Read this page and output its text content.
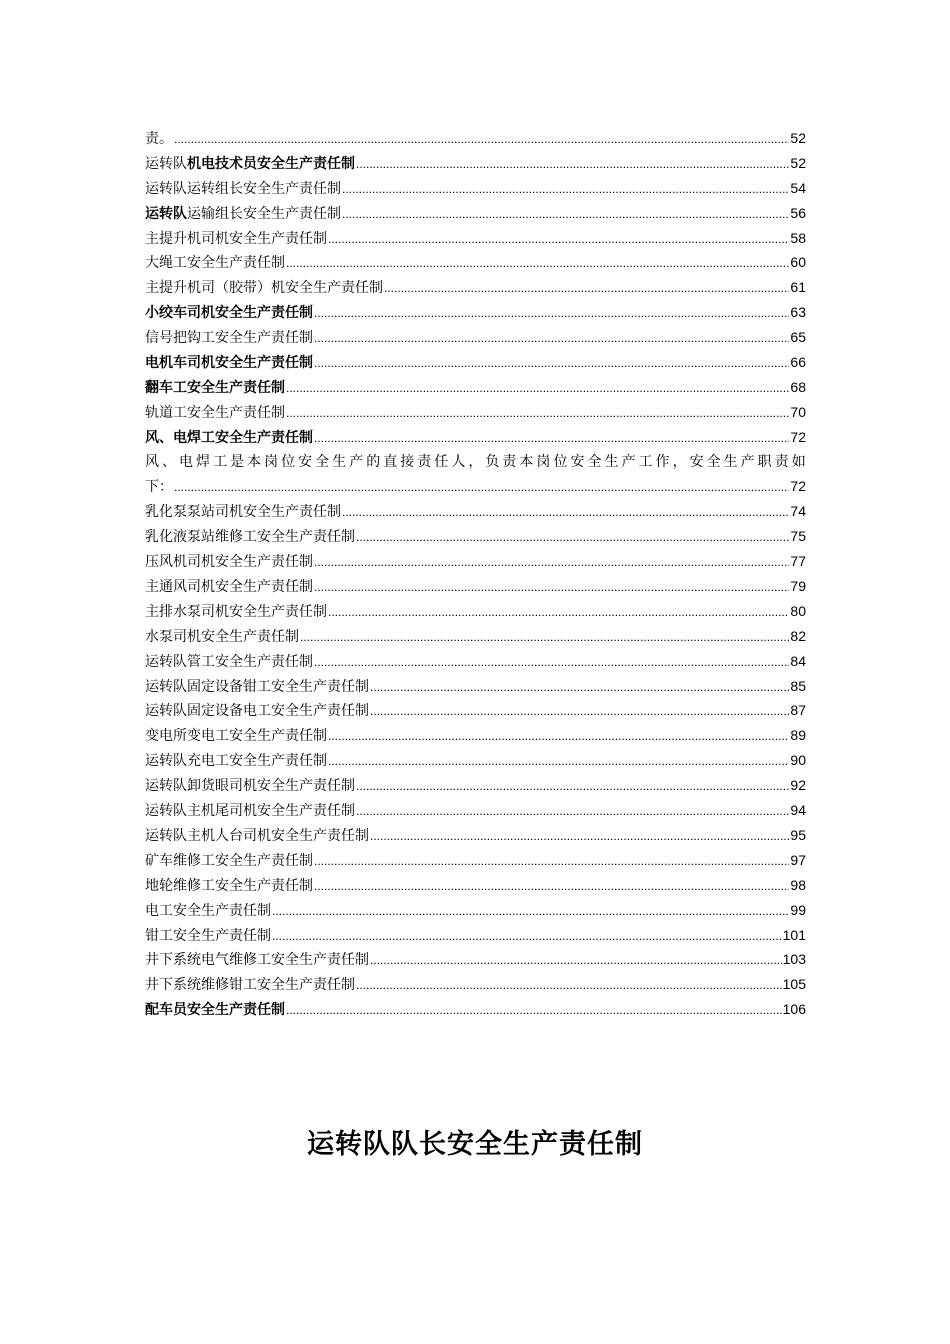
责。 .....	52
运转队机电技术员安全生产责任制 .....	52
运转队运转组长安全生产责任制 .....	54
运转队运输组长安全生产责任制 .....	56
主提升机司机安全生产责任制 .....	58
大绳工安全生产责任制 .....	60
主提升机司（胶带）机安全生产责任制 .....	61
小绞车司机安全生产责任制 .....	63
信号把钩工安全生产责任制 .....	65
电机车司机安全生产责任制 .....	66
翻车工安全生产责任制 .....	68
轨道工安全生产责任制 .....	70
风、电焊工安全生产责任制 .....	72
风、电焊工是本岗位安全生产的直接责任人，负责本岗位安全生产工作，安全生产职责如
下： .....	72
乳化泵泵站司机安全生产责任制 .....	74
乳化液泵站维修工安全生产责任制 .....	75
压风机司机安全生产责任制 .....	77
主通风司机安全生产责任制 .....	79
主排水泵司机安全生产责任制 .....	80
水泵司机安全生产责任制 .....	82
运转队管工安全生产责任制 .....	84
运转队固定设备钳工安全生产责任制 .....	85
运转队固定设备电工安全生产责任制 .....	87
变电所变电工安全生产责任制 .....	89
运转队充电工安全生产责任制 .....	90
运转队卸货眼司机安全生产责任制 .....	92
运转队主机尾司机安全生产责任制 .....	94
运转队主机人台司机安全生产责任制 .....	95
矿车维修工安全生产责任制 .....	97
地轮维修工安全生产责任制 .....	98
电工安全生产责任制 .....	99
钳工安全生产责任制 .....	101
井下系统电气维修工安全生产责任制 .....	103
井下系统维修钳工安全生产责任制 .....	105
配车员安全生产责任制 .....	106
运转队队长安全生产责任制
